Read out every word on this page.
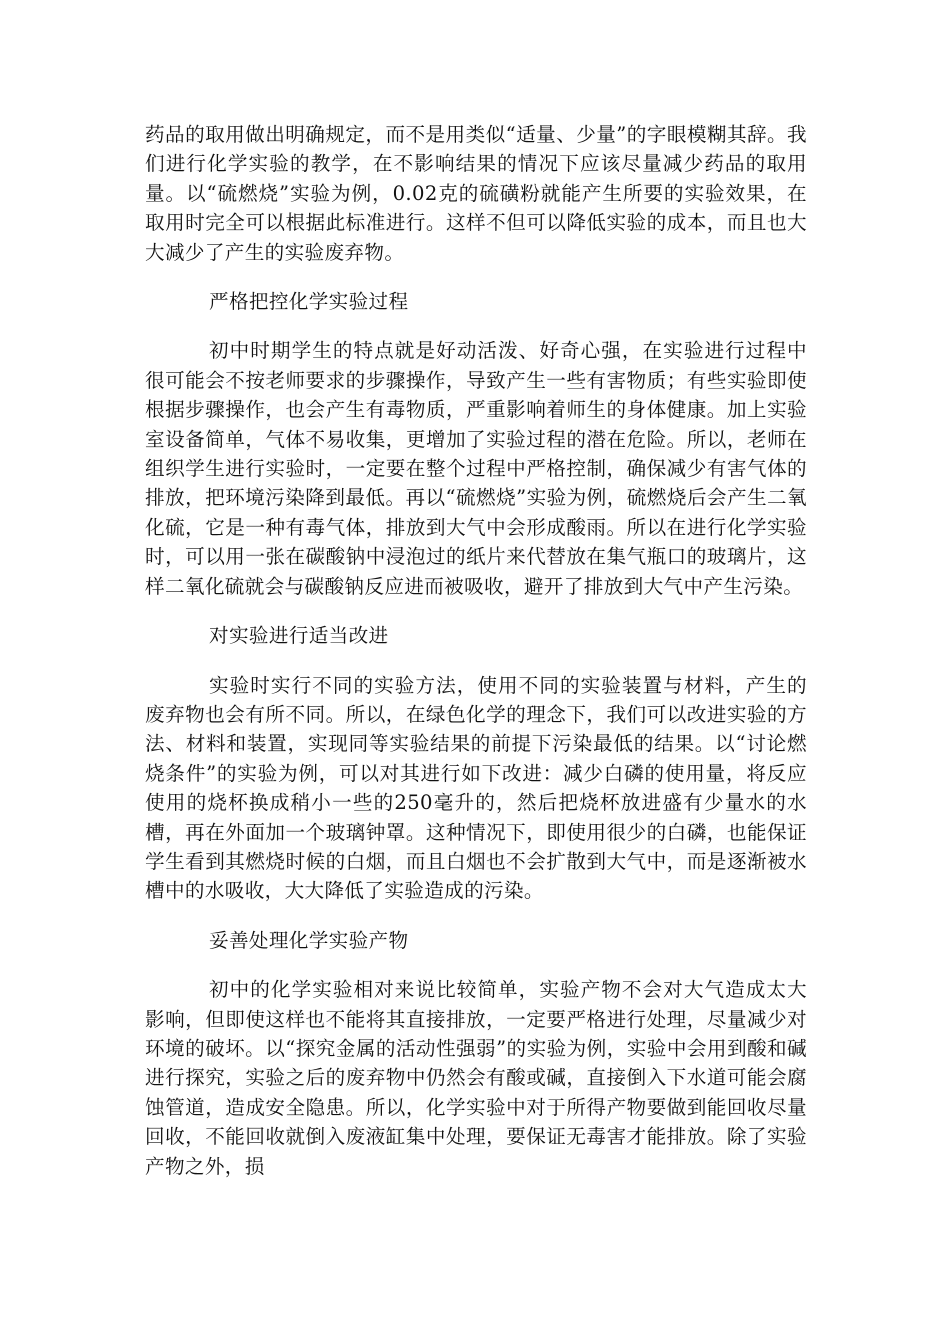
药品的取用做出明确规定，而不是用类似“适量、少量”的字眼模糊其辞。我们进行化学实验的教学，在不影响结果的情况下应该尽量减少药品的取用量。以“硫燃烧”实验为例，0.02克的硫磺粉就能产生所要的实验效果，在取用时完全可以根据此标准进行。这样不但可以降低实验的成本，而且也大大减少了产生的实验废弃物。

严格把控化学实验过程

初中时期学生的特点就是好动活泼、好奇心强，在实验进行过程中很可能会不按老师要求的步骤操作，导致产生一些有害物质；有些实验即使根据步骤操作，也会产生有毒物质，严重影响着师生的身体健康。加上实验室设备简单，气体不易收集，更增加了实验过程的潜在危险。所以，老师在组织学生进行实验时，一定要在整个过程中严格控制，确保减少有害气体的排放，把环境污染降到最低。再以“硫燃烧”实验为例，硫燃烧后会产生二氧化硫，它是一种有毒气体，排放到大气中会形成酸雨。所以在进行化学实验时，可以用一张在碳酸钠中浸泡过的纸片来代替放在集气瓶口的玻璃片，这样二氧化硫就会与碳酸钠反应进而被吸收，避开了排放到大气中产生污染。

对实验进行适当改进

实验时实行不同的实验方法，使用不同的实验装置与材料，产生的废弃物也会有所不同。所以，在绿色化学的理念下，我们可以改进实验的方法、材料和装置，实现同等实验结果的前提下污染最低的结果。以“讨论燃烧条件”的实验为例，可以对其进行如下改进：减少白磷的使用量，将反应使用的烧杯换成稍小一些的250毫升的，然后把烧杯放进盛有少量水的水槽，再在外面加一个玻璃钟罩。这种情况下，即使用很少的白磷，也能保证学生看到其燃烧时候的白烟，而且白烟也不会扩散到大气中，而是逐渐被水槽中的水吸收，大大降低了实验造成的污染。

妥善处理化学实验产物

初中的化学实验相对来说比较简单，实验产物不会对大气造成太大影响，但即使这样也不能将其直接排放，一定要严格进行处理，尽量减少对环境的破坏。以“探究金属的活动性强弱”的实验为例，实验中会用到酸和碱进行探究，实验之后的废弃物中仍然会有酸或碱，直接倒入下水道可能会腐蚀管道，造成安全隐患。所以，化学实验中对于所得产物要做到能回收尽量回收，不能回收就倒入废液缸集中处理，要保证无毒害才能排放。除了实验产物之外，损
